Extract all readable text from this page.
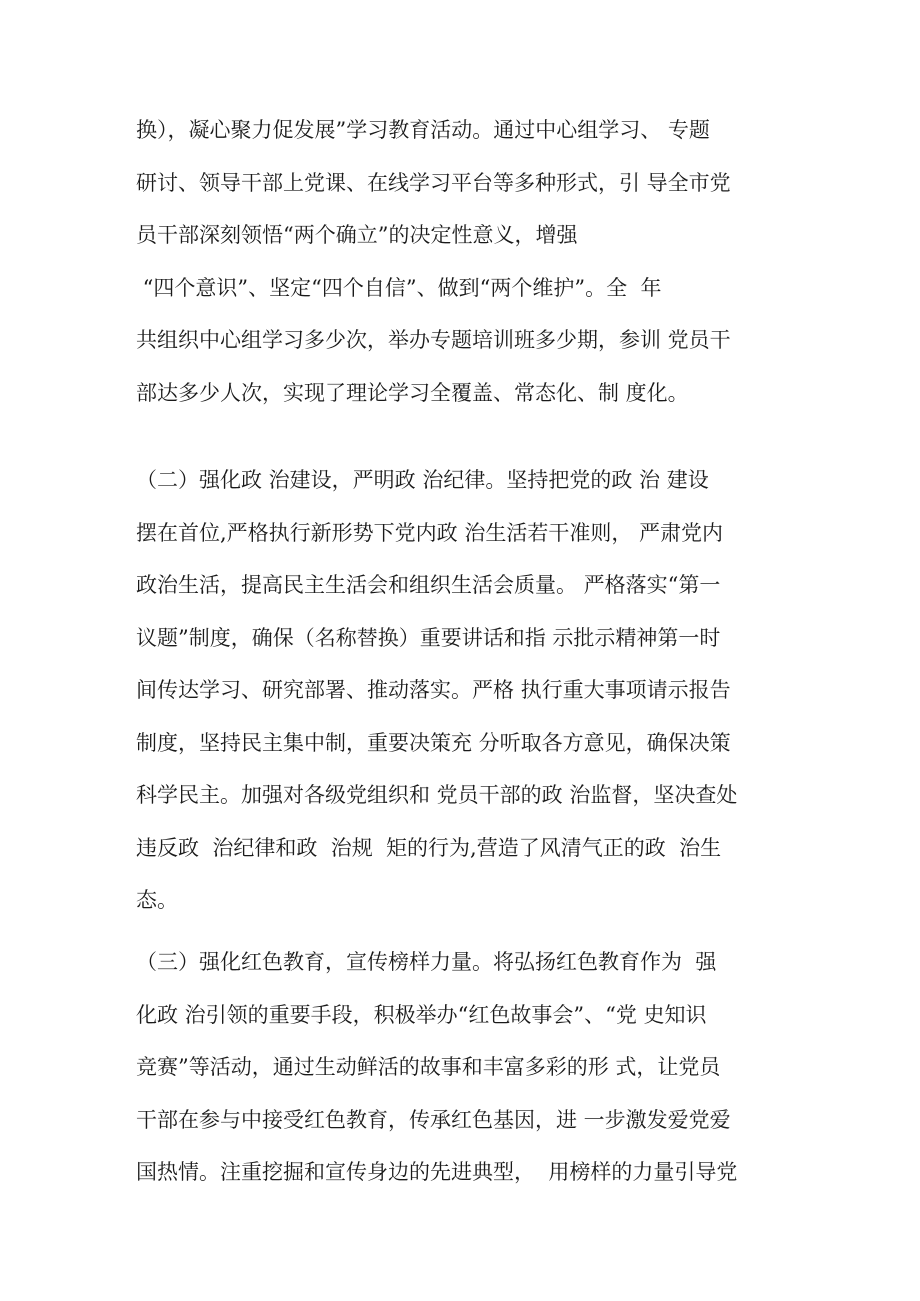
换），凝心聚力促发展”学习教育活动。通过中心组学习、 专题
研讨、领导干部上党课、在线学习平台等多种形式，引 导全市党
员干部深刻领悟“两个确立”的决定性意义，增强
“四个意识”、坚定“四个自信”、做到“两个维护”。全  年
共组织中心组学习多少次，举办专题培训班多少期，参训 党员干
部达多少人次，实现了理论学习全覆盖、常态化、制 度化。
（二）强化政 治建设，严明政 治纪律。坚持把党的政 治 建设
摆在首位,严格执行新形势下党内政 治生活若干准则， 严肃党内
政治生活，提高民主生活会和组织生活会质量。 严格落实“第一
议题”制度，确保（名称替换）重要讲话和指 示批示精神第一时
间传达学习、研究部署、推动落实。严格 执行重大事项请示报告
制度，坚持民主集中制，重要决策充 分听取各方意见，确保决策
科学民主。加强对各级党组织和 党员干部的政 治监督，坚决查处
违反政  治纪律和政  治规  矩的行为,营造了风清气正的政  治生
态。
（三）强化红色教育，宣传榜样力量。将弘扬红色教育作为  强
化政 治引领的重要手段，积极举办“红色故事会”、“党 史知识
竞赛”等活动，通过生动鲜活的故事和丰富多彩的形 式，让党员
干部在参与中接受红色教育，传承红色基因，进 一步激发爱党爱
国热情。注重挖掘和宣传身边的先进典型，  用榜样的力量引导党
